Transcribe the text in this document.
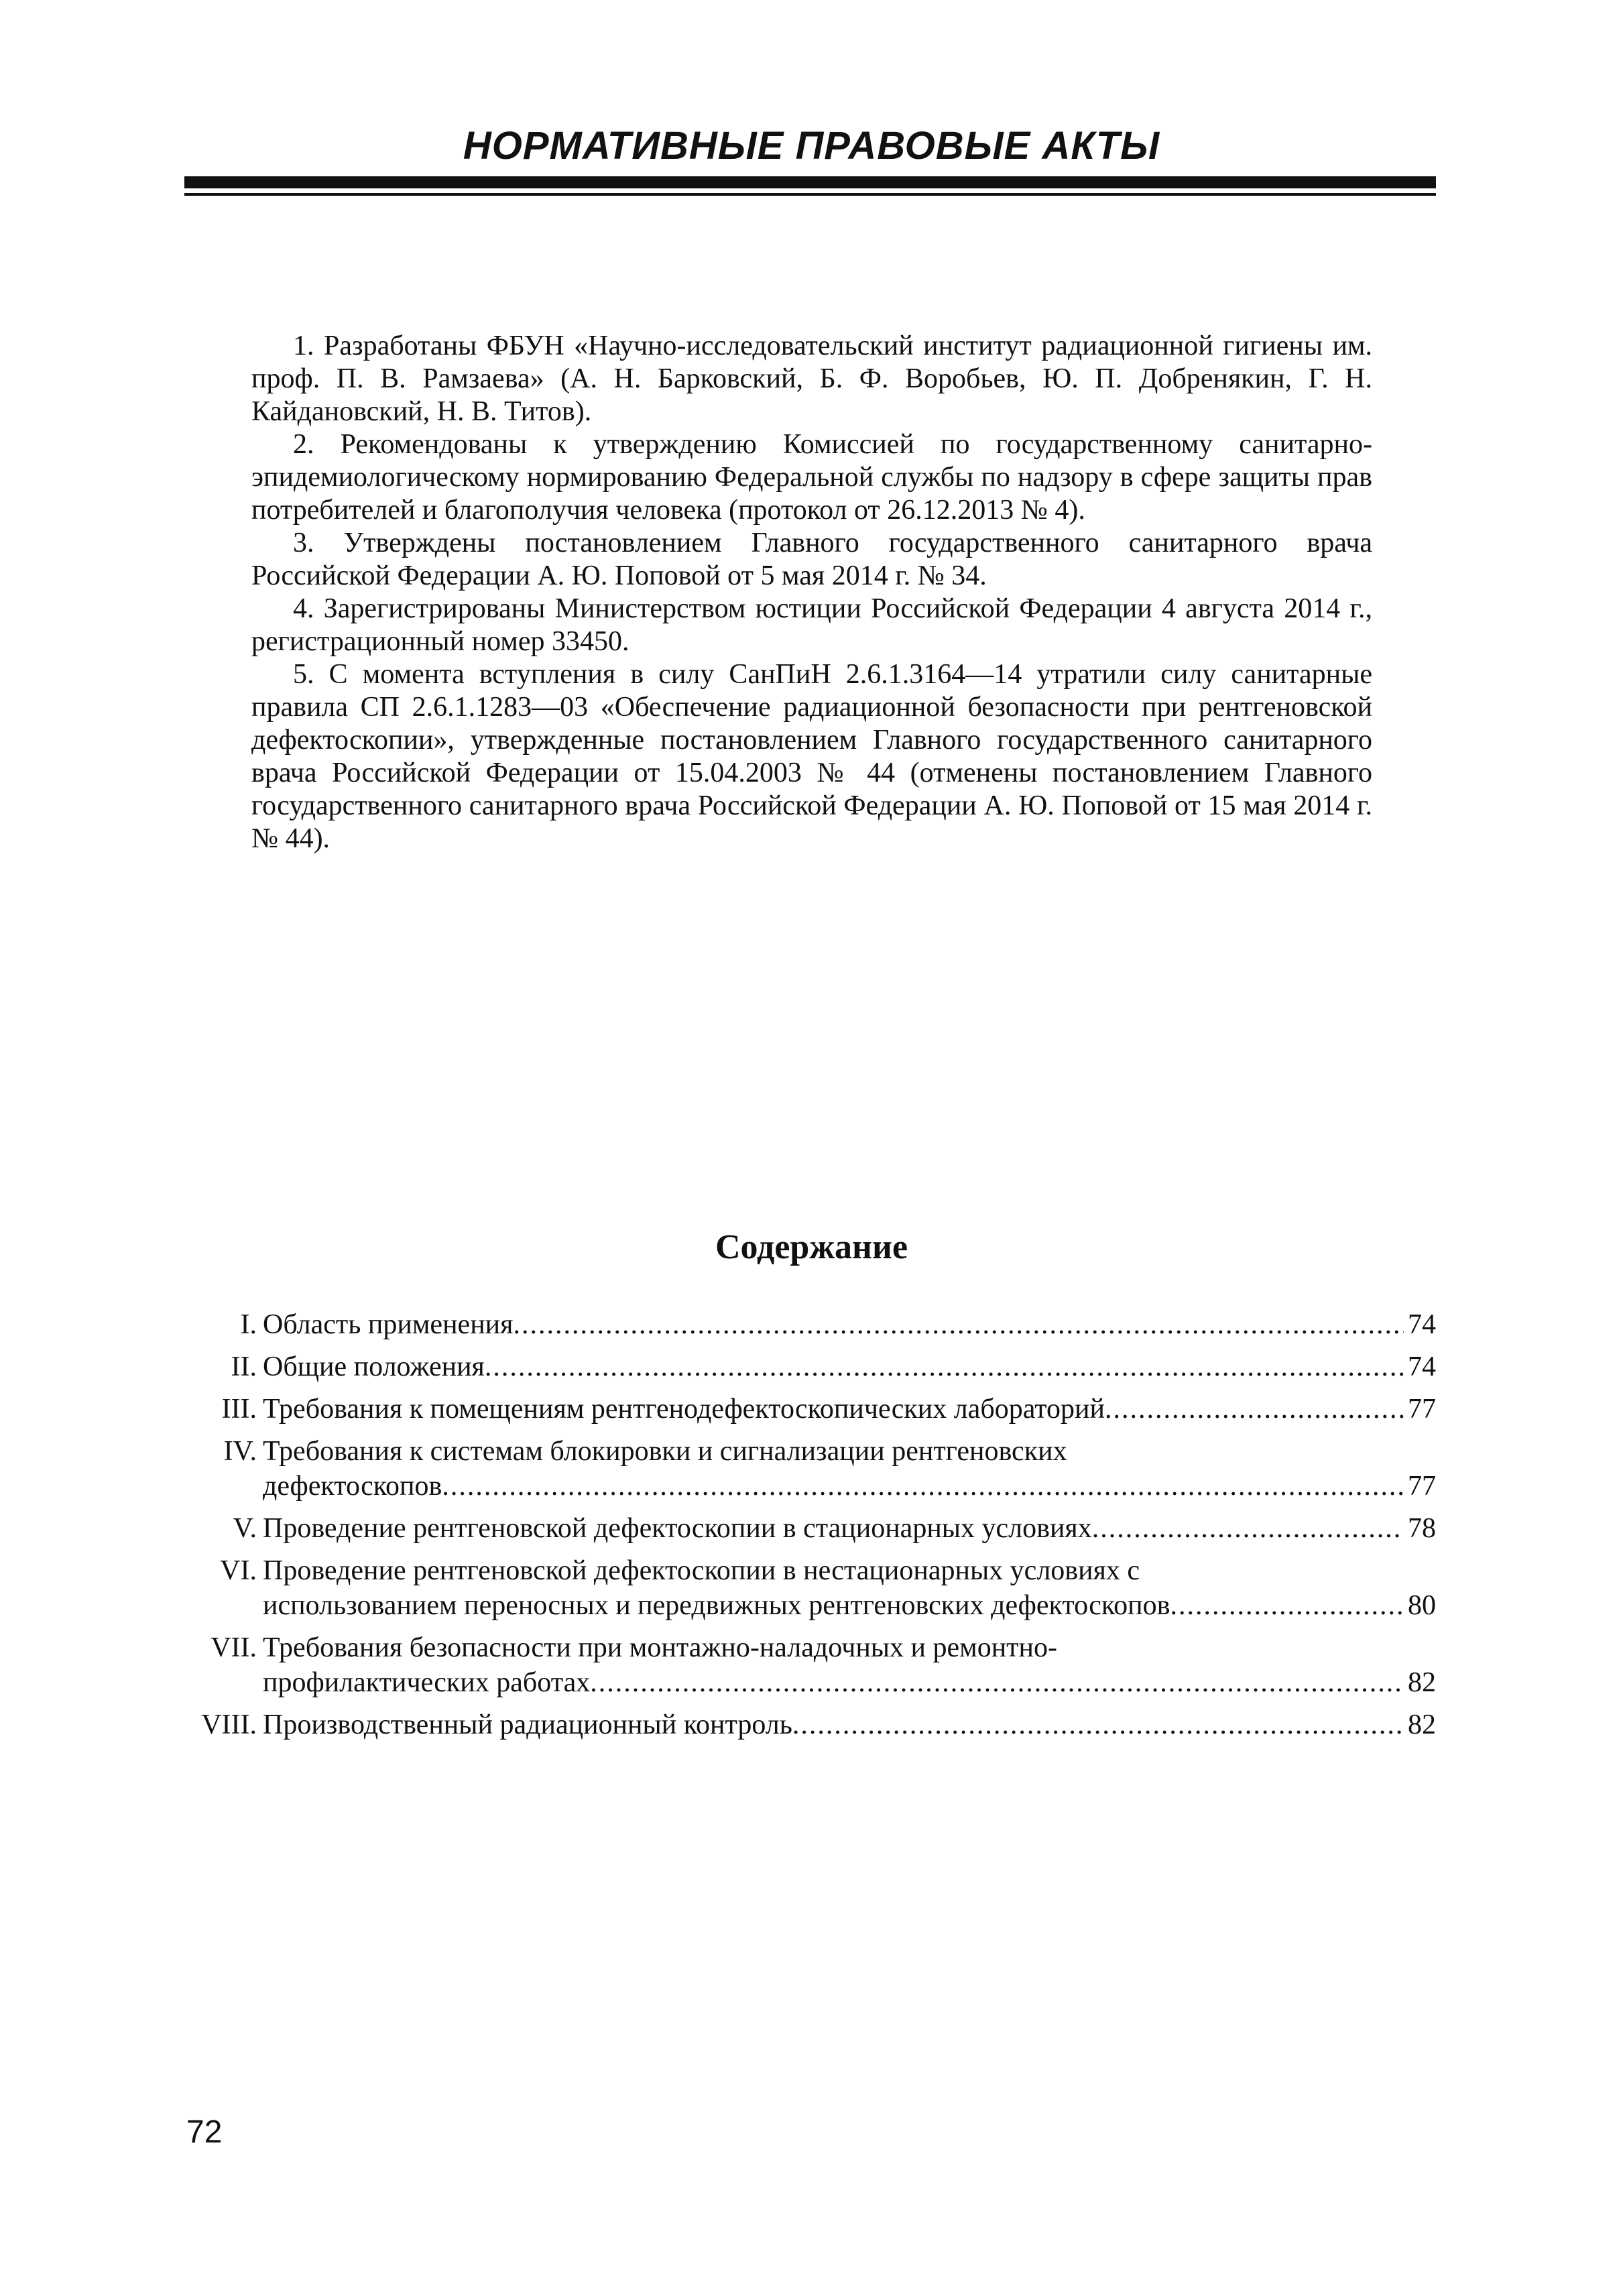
НОРМАТИВНЫЕ ПРАВОВЫЕ АКТЫ

1. Разработаны ФБУН «Научно-исследовательский институт радиационной гигиены им. проф. П. В. Рамзаева» (А. Н. Барковский, Б. Ф. Воробьев, Ю. П. Добренякин, Г. Н. Кайдановский, Н. В. Титов).

2. Рекомендованы к утверждению Комиссией по государственному санитарно-эпидемиологическому нормированию Федеральной службы по надзору в сфере защиты прав потребителей и благополучия человека (протокол от 26.12.2013 № 4).

3. Утверждены постановлением Главного государственного санитарного врача Российской Федерации А. Ю. Поповой от 5 мая 2014 г. № 34.

4. Зарегистрированы Министерством юстиции Российской Федерации 4 августа 2014 г., регистрационный номер 33450.

5. С момента вступления в силу СанПиН 2.6.1.3164—14 утратили силу санитарные правила СП 2.6.1.1283—03 «Обеспечение радиационной безопасности при рентгеновской дефектоскопии», утвержденные постановлением Главного государственного санитарного врача Российской Федерации от 15.04.2003 № 44 (отменены постановлением Главного государственного санитарного врача Российской Федерации А. Ю. Поповой от 15 мая 2014 г. № 44).

Содержание
I. Область применения .....	74
II. Общие положения .....	74
III. Требования к помещениям рентгенодефектоскопических лабораторий .....	77
IV. Требования к системам блокировки и сигнализации рентгеновских
дефектоскопов .....	77
V. Проведение рентгеновской дефектоскопии в стационарных условиях .....	78
VI. Проведение рентгеновской дефектоскопии в нестационарных условиях с
использованием переносных и передвижных рентгеновских дефектоскопов .....	80
VII. Требования безопасности при монтажно-наладочных и ремонтно-
профилактических работах .....	82
VIII. Производственный радиационный контроль .....	82
72
